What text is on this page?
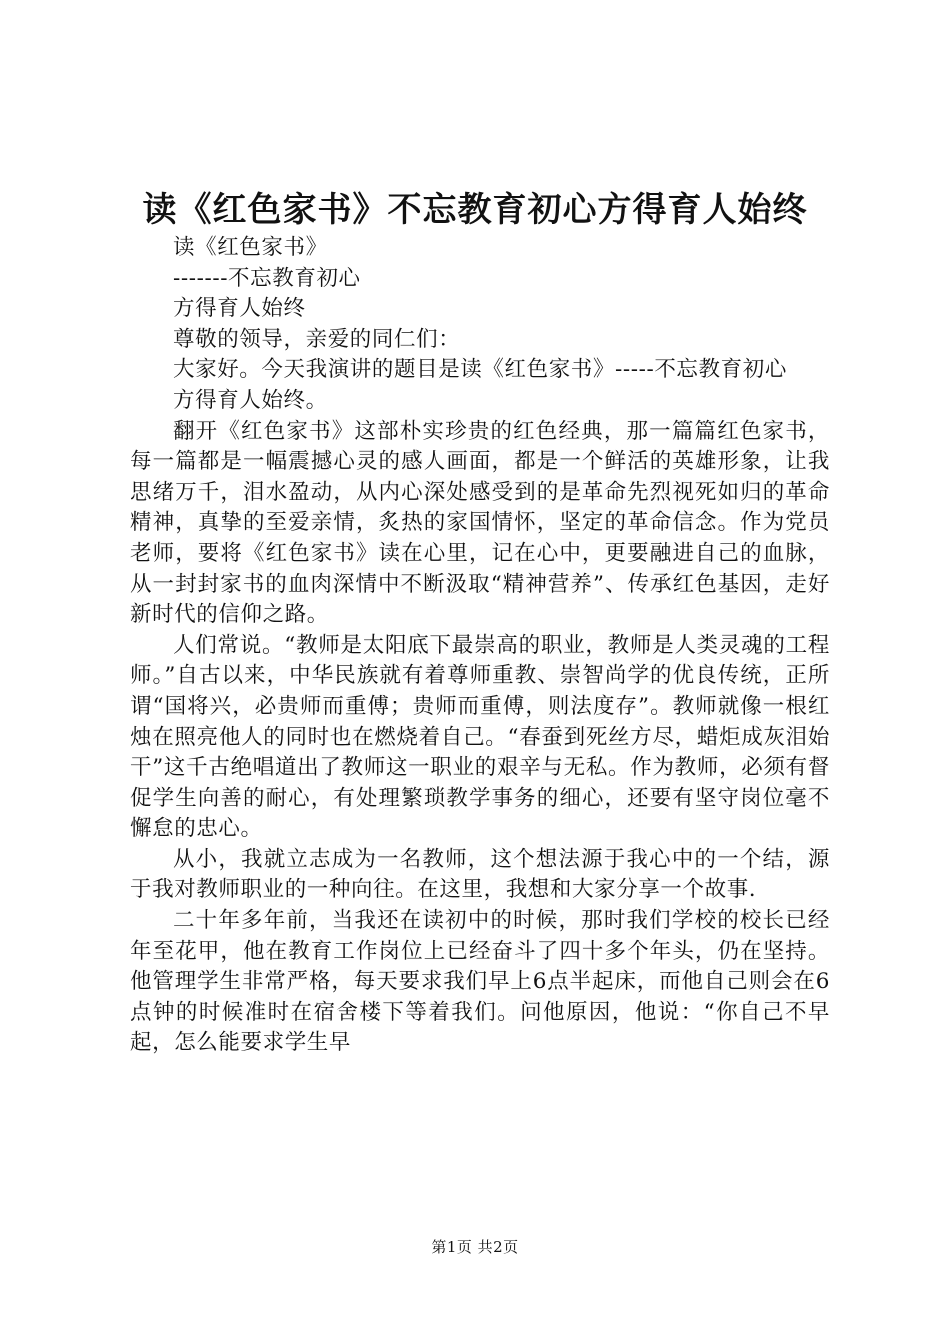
读《红色家书》不忘教育初心方得育人始终

读《红色家书》

-------不忘教育初心

方得育人始终

尊敬的领导，亲爱的同仁们：

大家好。今天我演讲的题目是读《红色家书》-----不忘教育初心

方得育人始终。

翻开《红色家书》这部朴实珍贵的红色经典，那一篇篇红色家书，每一篇都是一幅震撼心灵的感人画面，都是一个鲜活的英雄形象，让我思绪万千，泪水盈动，从内心深处感受到的是革命先烈视死如归的革命精神，真挚的至爱亲情，炙热的家国情怀，坚定的革命信念。作为党员老师，要将《红色家书》读在心里，记在心中，更要融进自己的血脉，从一封封家书的血肉深情中不断汲取“精神营养”、传承红色基因，走好新时代的信仰之路。

人们常说。“教师是太阳底下最崇高的职业，教师是人类灵魂的工程师。”自古以来，中华民族就有着尊师重教、崇智尚学的优良传统，正所谓“国将兴，必贵师而重傅；贵师而重傅，则法度存”。教师就像一根红烛在照亮他人的同时也在燃烧着自己。“春蚕到死丝方尽，蜡炬成灰泪始干”这千古绝唱道出了教师这一职业的艰辛与无私。作为教师，必须有督促学生向善的耐心，有处理繁琐教学事务的细心，还要有坚守岗位毫不懈怠的忠心。

从小，我就立志成为一名教师，这个想法源于我心中的一个结，源于我对教师职业的一种向往。在这里，我想和大家分享一个故事.

二十年多年前，当我还在读初中的时候，那时我们学校的校长已经年至花甲，他在教育工作岗位上已经奋斗了四十多个年头，仍在坚持。他管理学生非常严格，每天要求我们早上6点半起床，而他自己则会在6点钟的时候准时在宿舍楼下等着我们。问他原因，他说：“你自己不早起，怎么能要求学生早

第1页 共2页
